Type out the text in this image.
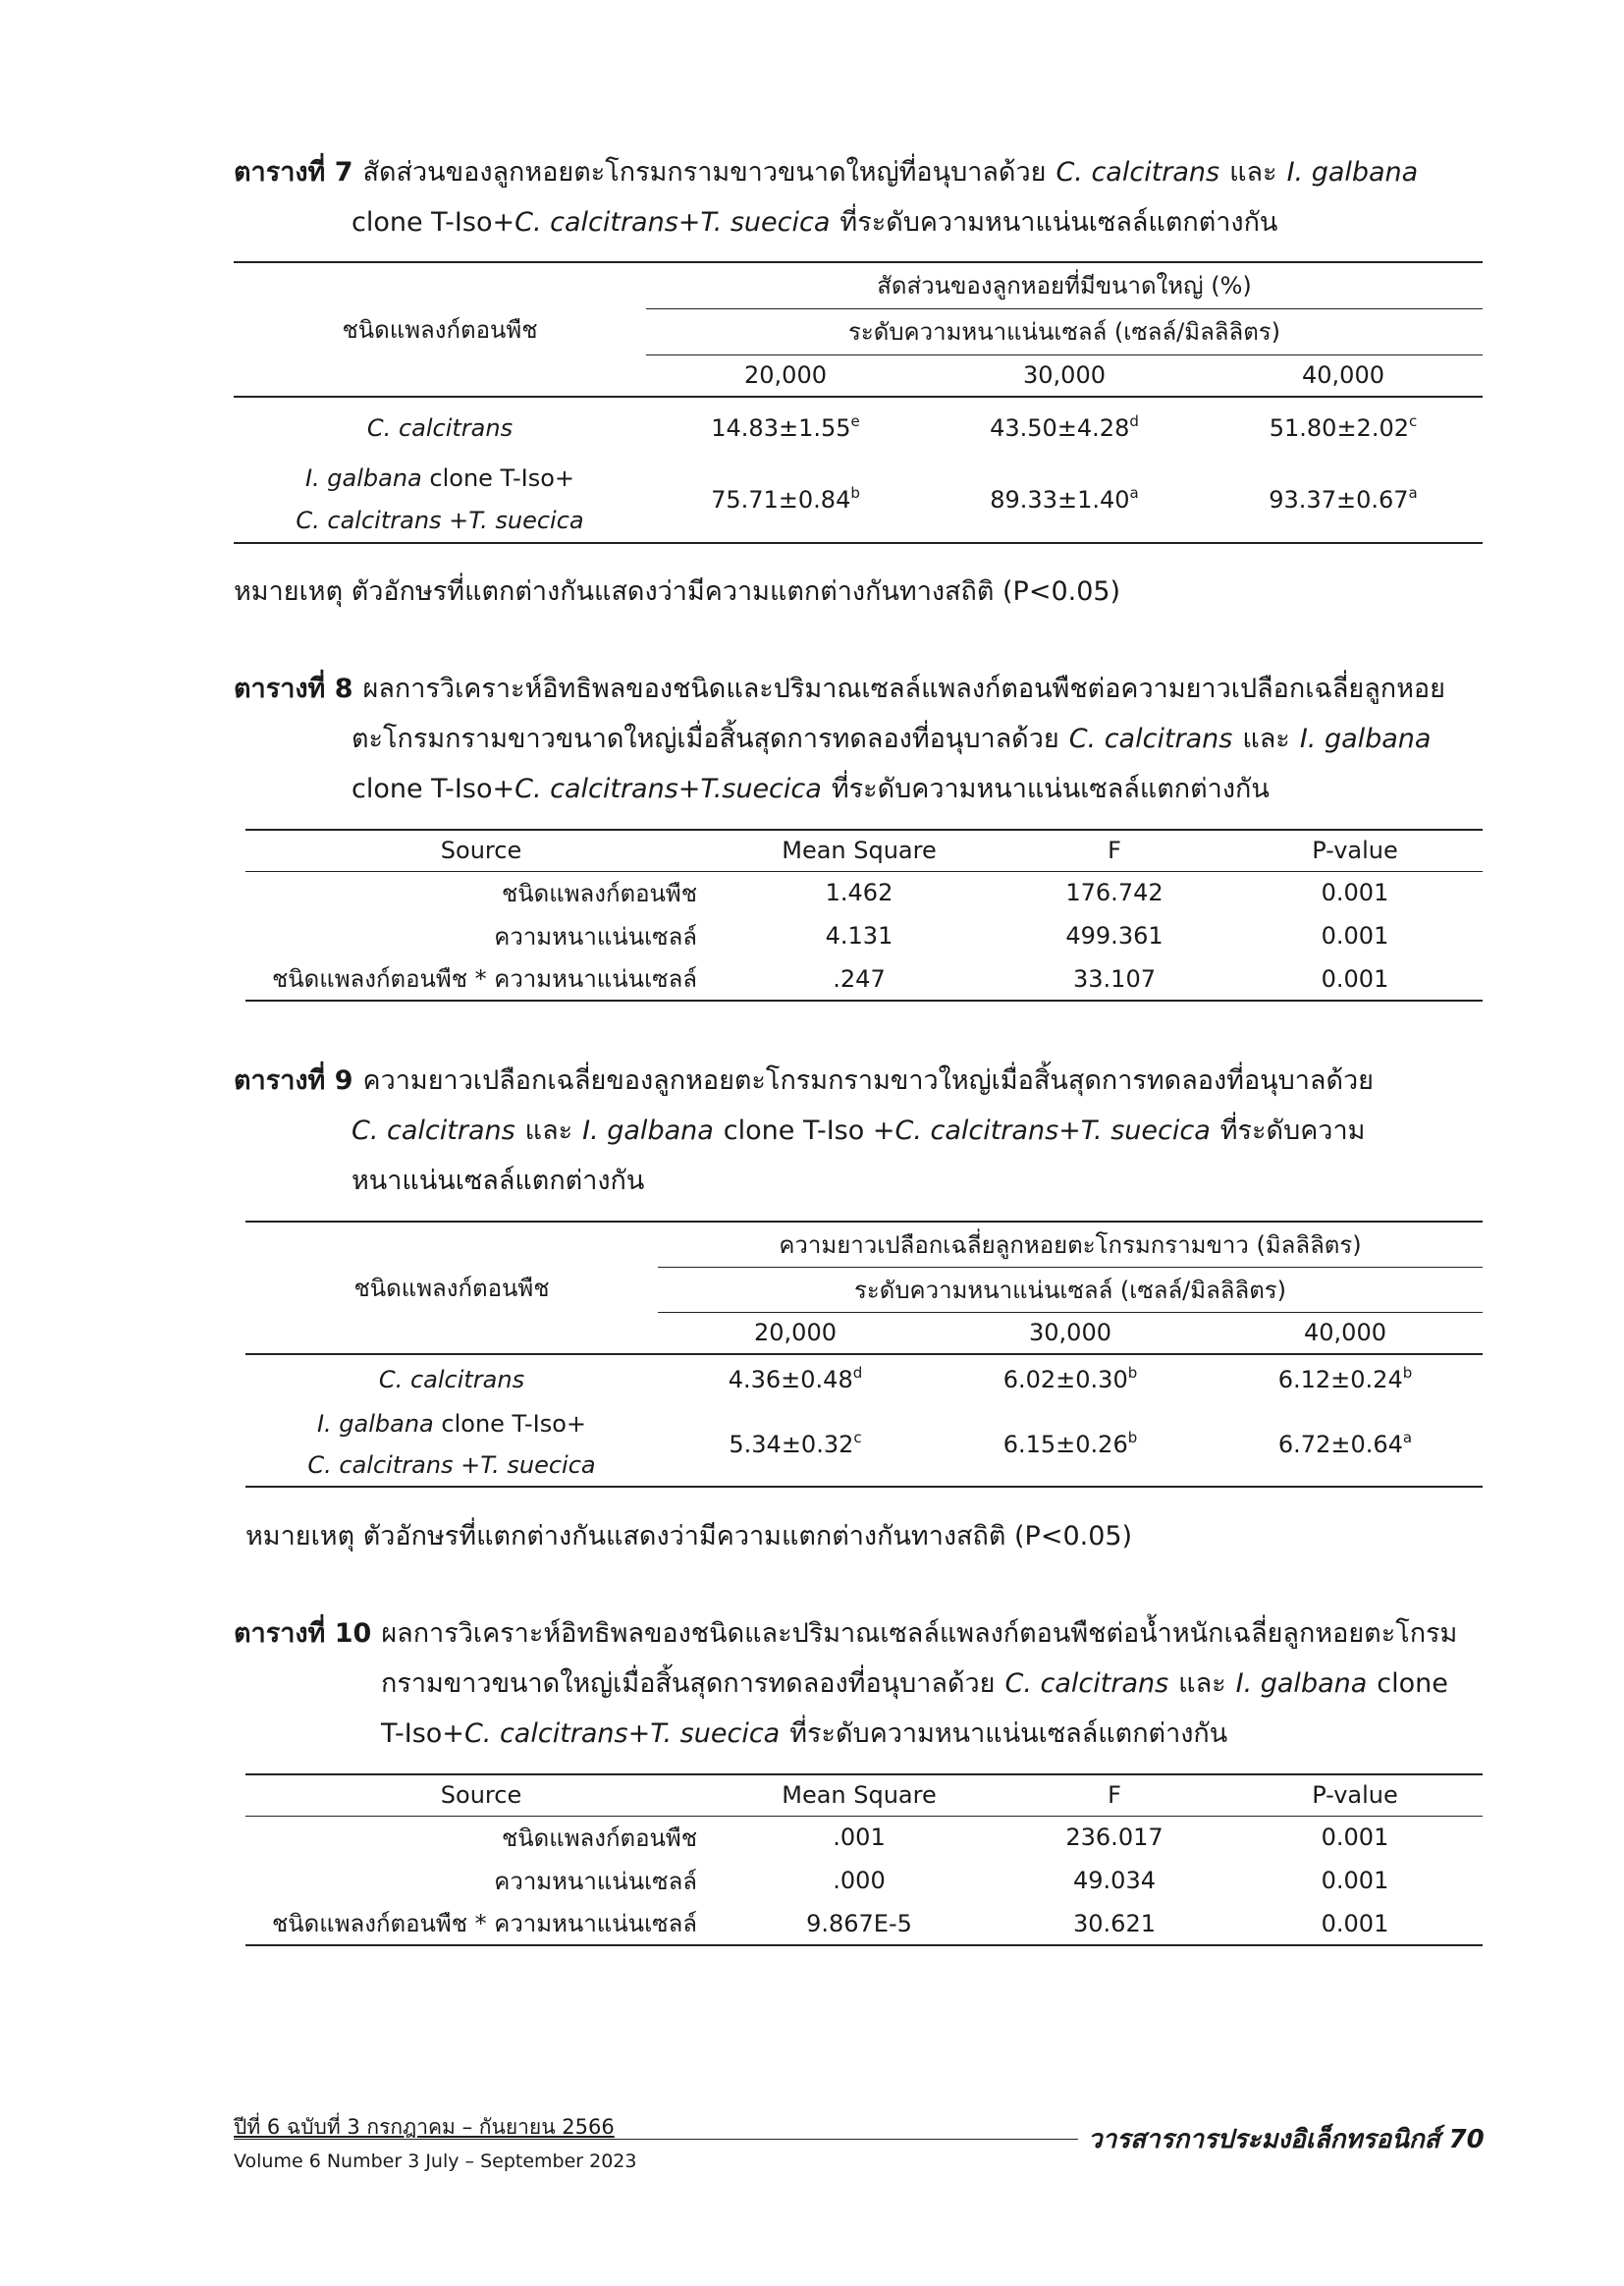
ตารางที่ 7 สัดส่วนของลูกหอยตะโกรมกรามขาวขนาดใหญ่ที่อนุบาลด้วย C. calcitrans และ I. galbana
clone T-Iso+C. calcitrans+T. suecica ที่ระดับความหนาแน่นเซลล์แตกต่างกัน
ชนิดแพลงก์ตอนพืช	สัดส่วนของลูกหอยที่มีขนาดใหญ่ (%)		
	ระดับความหนาแน่นเซลล์ (เซลล์/มิลลิลิตร)		
	20,000	30,000	40,000
C. calcitrans	14.83±1.55$^e$	43.50±4.28$^d$	51.80±2.02$^c$
I. galbana clone T-Iso+
C. calcitrans +T. suecica	75.71±0.84$^b$	89.33±1.40$^a$	93.37±0.67$^a$
หมายเหตุ ตัวอักษรที่แตกต่างกันแสดงว่ามีความแตกต่างกันทางสถิติ (P<0.05)
ตารางที่ 8 ผลการวิเคราะห์อิทธิพลของชนิดและปริมาณเซลล์แพลงก์ตอนพืชต่อความยาวเปลือกเฉลี่ยลูกหอย
ตะโกรมกรามขาวขนาดใหญ่เมื่อสิ้นสุดการทดลองที่อนุบาลด้วย C. calcitrans และ I. galbana
clone T-Iso+C. calcitrans+T.suecica ที่ระดับความหนาแน่นเซลล์แตกต่างกัน
Source	Mean Square	F	P-value
ชนิดแพลงก์ตอนพืช	1.462	176.742	0.001
ความหนาแน่นเซลล์	4.131	499.361	0.001
ชนิดแพลงก์ตอนพืช * ความหนาแน่นเซลล์	.247	33.107	0.001
ตารางที่ 9 ความยาวเปลือกเฉลี่ยของลูกหอยตะโกรมกรามขาวใหญ่เมื่อสิ้นสุดการทดลองที่อนุบาลด้วย
C. calcitrans และ I. galbana clone T-Iso +C. calcitrans+T. suecica ที่ระดับความ
หนาแน่นเซลล์แตกต่างกัน
ชนิดแพลงก์ตอนพืช	ความยาวเปลือกเฉลี่ยลูกหอยตะโกรมกรามขาว (มิลลิลิตร)		
	ระดับความหนาแน่นเซลล์ (เซลล์/มิลลิลิตร)		
	20,000	30,000	40,000
C. calcitrans	4.36±0.48$^d$	6.02±0.30$^b$	6.12±0.24$^b$
I. galbana clone T-Iso+
C. calcitrans +T. suecica	5.34±0.32$^c$	6.15±0.26$^b$	6.72±0.64$^a$
หมายเหตุ ตัวอักษรที่แตกต่างกันแสดงว่ามีความแตกต่างกันทางสถิติ (P<0.05)
ตารางที่ 10 ผลการวิเคราะห์อิทธิพลของชนิดและปริมาณเซลล์แพลงก์ตอนพืชต่อน้ำหนักเฉลี่ยลูกหอยตะโกรม
กรามขาวขนาดใหญ่เมื่อสิ้นสุดการทดลองที่อนุบาลด้วย C. calcitrans และ I. galbana clone
T-Iso+C. calcitrans+T. suecica ที่ระดับความหนาแน่นเซลล์แตกต่างกัน
Source	Mean Square	F	P-value
ชนิดแพลงก์ตอนพืช	.001	236.017	0.001
ความหนาแน่นเซลล์	.000	49.034	0.001
ชนิดแพลงก์ตอนพืช * ความหนาแน่นเซลล์	9.867E-5	30.621	0.001
ปีที่ 6 ฉบับที่ 3 กรกฎาคม – กันยายน 2566
Volume 6 Number 3 July – September 2023
วารสารการประมงอิเล็กทรอนิกส์ 70
